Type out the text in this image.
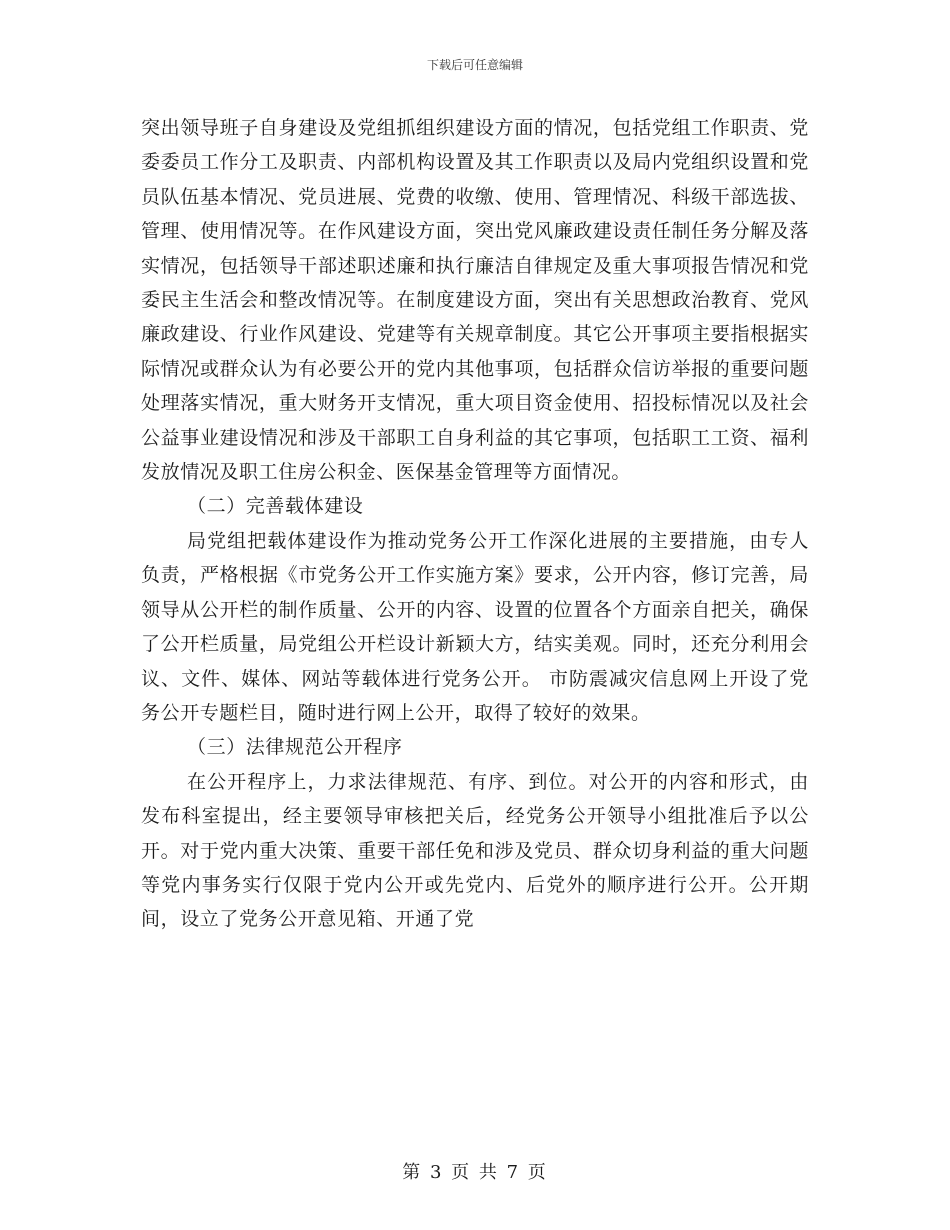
下载后可任意编辑

突出领导班子自身建设及党组抓组织建设方面的情况，包括党组工作职责、党委委员工作分工及职责、内部机构设置及其工作职责以及局内党组织设置和党员队伍基本情况、党员进展、党费的收缴、使用、管理情况、科级干部选拔、管理、使用情况等。在作风建设方面，突出党风廉政建设责任制任务分解及落实情况，包括领导干部述职述廉和执行廉洁自律规定及重大事项报告情况和党委民主生活会和整改情况等。在制度建设方面，突出有关思想政治教育、党风廉政建设、行业作风建设、党建等有关规章制度。其它公开事项主要指根据实际情况或群众认为有必要公开的党内其他事项，包括群众信访举报的重要问题处理落实情况，重大财务开支情况，重大项目资金使用、招投标情况以及社会公益事业建设情况和涉及干部职工自身利益的其它事项，包括职工工资、福利发放情况及职工住房公积金、医保基金管理等方面情况。

（二）完善载体建设

局党组把载体建设作为推动党务公开工作深化进展的主要措施，由专人负责，严格根据《市党务公开工作实施方案》要求，公开内容，修订完善，局领导从公开栏的制作质量、公开的内容、设置的位置各个方面亲自把关，确保了公开栏质量，局党组公开栏设计新颖大方，结实美观。同时，还充分利用会议、文件、媒体、网站等载体进行党务公开。 市防震减灾信息网上开设了党务公开专题栏目，随时进行网上公开，取得了较好的效果。

（三）法律规范公开程序

在公开程序上，力求法律规范、有序、到位。对公开的内容和形式，由发布科室提出，经主要领导审核把关后，经党务公开领导小组批准后予以公开。对于党内重大决策、重要干部任免和涉及党员、群众切身利益的重大问题等党内事务实行仅限于党内公开或先党内、后党外的顺序进行公开。公开期间，设立了党务公开意见箱、开通了党

第 3 页 共 7 页
